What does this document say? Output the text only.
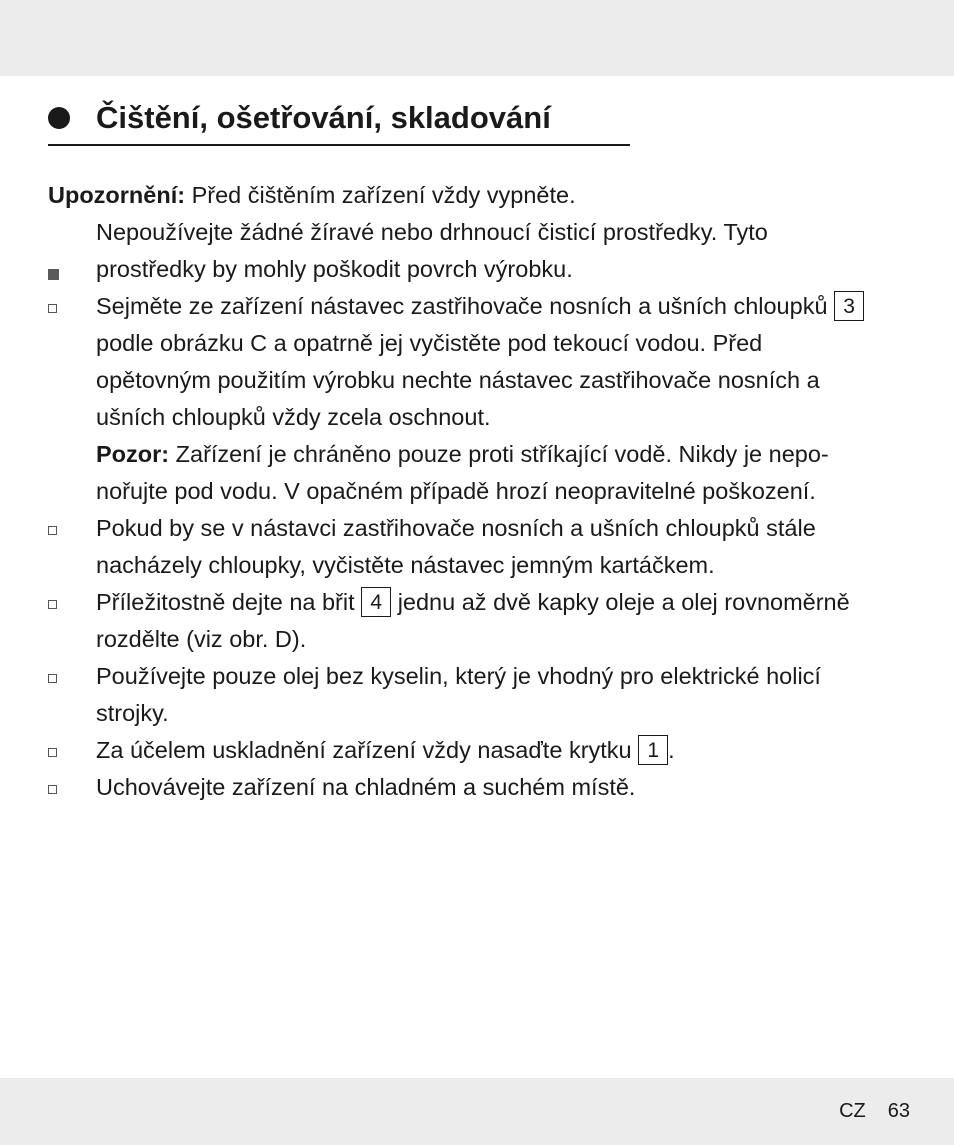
Čištění, ošetřování, skladování
Upozornění: Před čištěním zařízení vždy vypněte.
Nepoužívejte žádné žíravé nebo drhnoucí čisticí prostředky. Tyto
prostředky by mohly poškodit povrch výrobku.
Sejměte ze zařízení nástavec zastřihovače nosních a ušních chloupků 3
podle obrázku C a opatrně jej vyčistěte pod tekoucí vodou. Před
opětovným použitím výrobku nechte nástavec zastřihovače nosních a
ušních chloupků vždy zcela oschnout.
Pozor: Zařízení je chráněno pouze proti stříkající vodě. Nikdy je nepo-
nořujte pod vodu. V opačném případě hrozí neopravitelné poškození.
Pokud by se v nástavci zastřihovače nosních a ušních chloupků stále
nacházely chloupky, vyčistěte nástavec jemným kartáčkem.
Příležitostně dejte na břit 4 jednu až dvě kapky oleje a olej rovnoměrně
rozdělte (viz obr. D).
Používejte pouze olej bez kyselin, který je vhodný pro elektrické holicí
strojky.
Za účelem uskladnění zařízení vždy nasaďte krytku 1 .
Uchovávejte zařízení na chladném a suchém místě.
CZ 63
